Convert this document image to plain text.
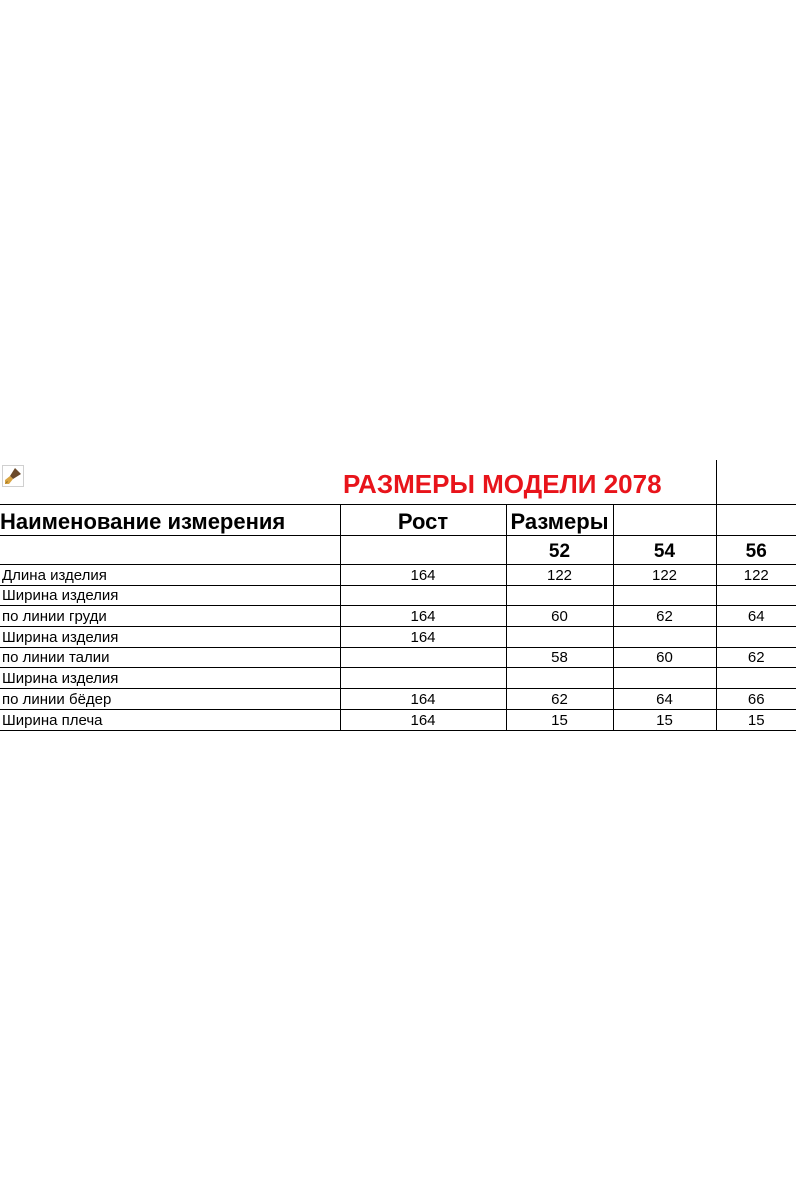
РАЗМЕРЫ МОДЕЛИ 2078
Наименование измерения	Рост	Размеры		
		52	54	56
Длина изделия	164	122	122	122
Ширина изделия				
по линии груди	164	60	62	64
Ширина изделия	164			
по линии талии		58	60	62
Ширина изделия				
по линии бёдер	164	62	64	66
Ширина плеча	164	15	15	15
